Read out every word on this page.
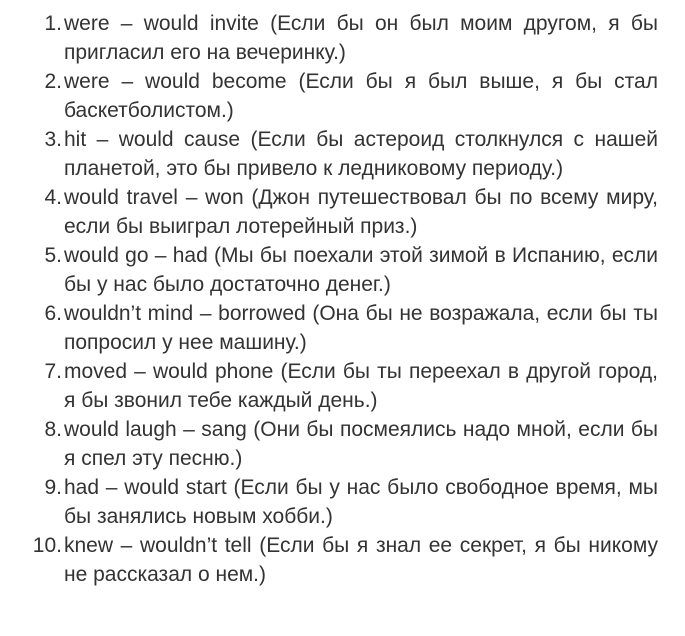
1. were – would invite (Если бы он был моим другом, я бы пригласил его на вечеринку.)
2. were – would become (Если бы я был выше, я бы стал баскетболистом.)
3. hit – would cause (Если бы астероид столкнулся с нашей планетой, это бы привело к ледниковому периоду.)
4. would travel – won (Джон путешествовал бы по всему миру, если бы выиграл лотерейный приз.)
5. would go – had (Мы бы поехали этой зимой в Испанию, если бы у нас было достаточно денег.)
6. wouldn’t mind – borrowed (Она бы не возражала, если бы ты попросил у нее машину.)
7. moved – would phone (Если бы ты переехал в другой город, я бы звонил тебе каждый день.)
8. would laugh – sang (Они бы посмеялись надо мной, если бы я спел эту песню.)
9. had – would start (Если бы у нас было свободное время, мы бы занялись новым хобби.)
10. knew – wouldn’t tell (Если бы я знал ее секрет, я бы никому не рассказал о нем.)
